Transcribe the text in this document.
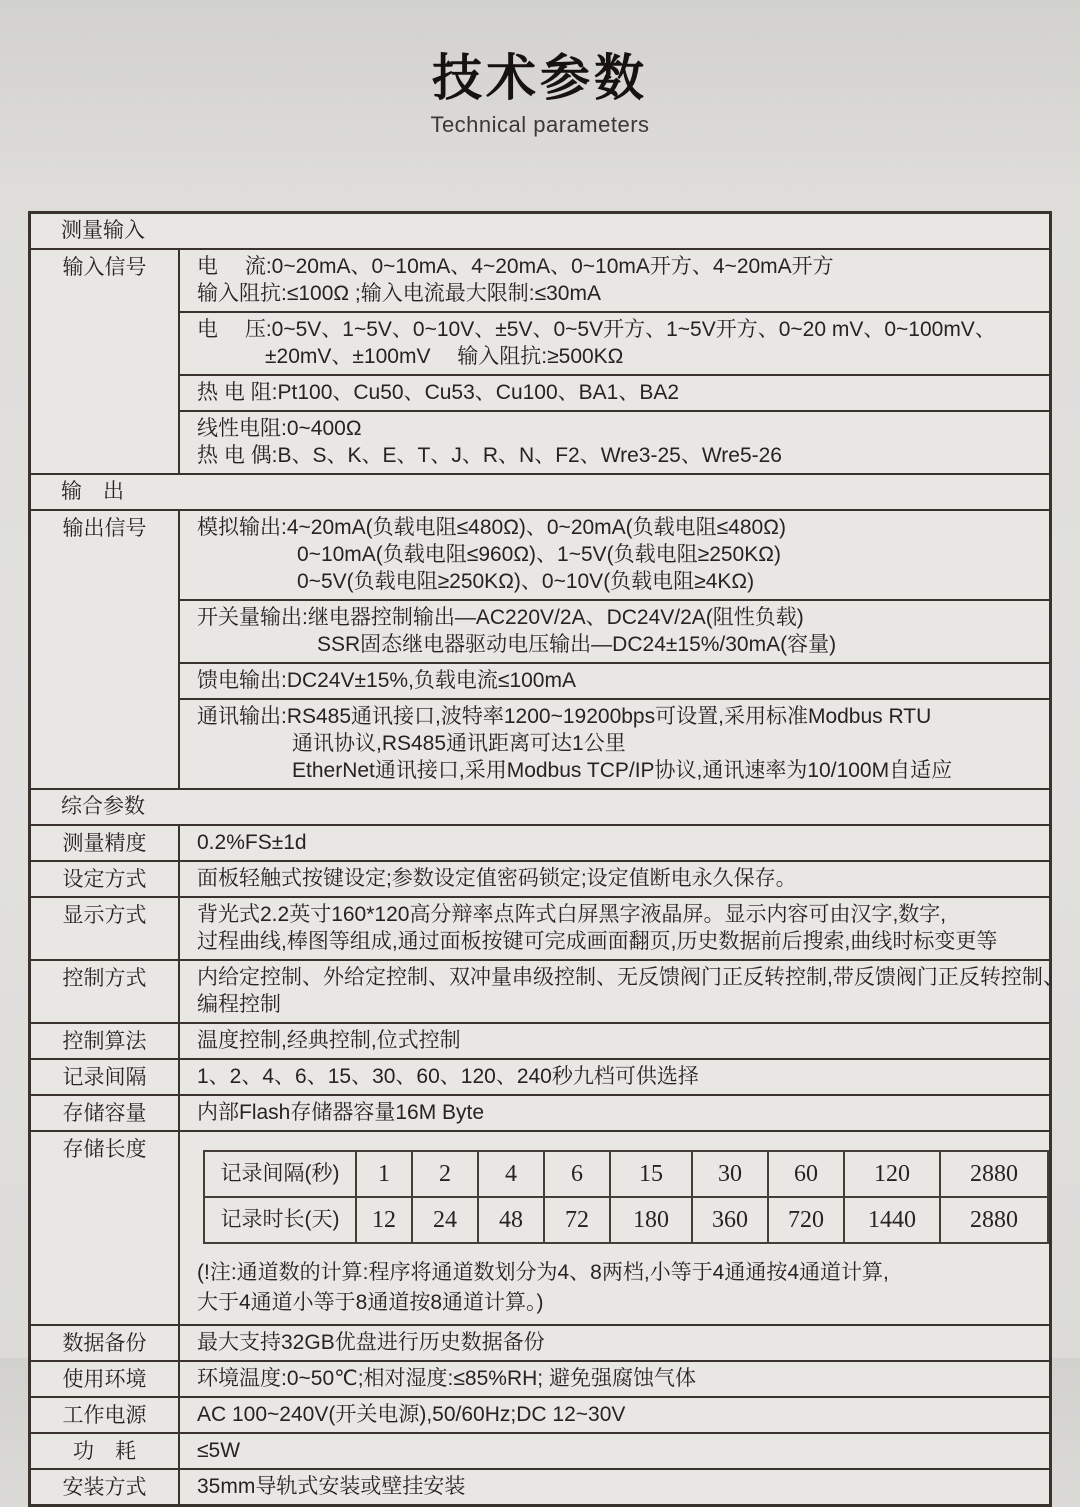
技术参数
Technical parameters
测量输入
输入信号	电　 流:0~20mA、0~10mA、4~20mA、0~10mA开方、4~20mA开方
输入阻抗:≤100Ω ;输入电流最大限制:≤30mA
电　 压:0~5V、1~5V、0~10V、±5V、0~5V开方、1~5V开方、0~20 mV、0~100mV、
±20mV、±100mV　 输入阻抗:≥500KΩ
热 电 阻:Pt100、Cu50、Cu53、Cu100、BA1、BA2
线性电阻:0~400Ω
热 电 偶:B、S、K、E、T、J、R、N、F2、Wre3-25、Wre5-26
输　出
输出信号	模拟输出:4~20mA(负载电阻≤480Ω)、0~20mA(负载电阻≤480Ω)
0~10mA(负载电阻≤960Ω)、1~5V(负载电阻≥250KΩ)
0~5V(负载电阻≥250KΩ)、0~10V(负载电阻≥4KΩ)
开关量输出:继电器控制输出—AC220V/2A、DC24V/2A(阻性负载)
SSR固态继电器驱动电压输出—DC24±15%/30mA(容量)
馈电输出:DC24V±15%,负载电流≤100mA
通讯输出:RS485通讯接口,波特率1200~19200bps可设置,采用标准Modbus RTU
通讯协议,RS485通讯距离可达1公里
EtherNet通讯接口,采用Modbus TCP/IP协议,通讯速率为10/100M自适应
综合参数
测量精度	0.2%FS±1d
设定方式	面板轻触式按键设定;参数设定值密码锁定;设定值断电永久保存。
显示方式	背光式2.2英寸160*120高分辩率点阵式白屏黑字液晶屏。显示内容可由汉字,数字,
过程曲线,棒图等组成,通过面板按键可完成画面翻页,历史数据前后搜索,曲线时标变更等
控制方式	内给定控制、外给定控制、双冲量串级控制、无反馈阀门正反转控制,带反馈阀门正反转控制、
编程控制
控制算法	温度控制,经典控制,位式控制
记录间隔	1、2、4、6、15、30、60、120、240秒九档可供选择
存储容量	内部Flash存储器容量16M Byte
存储长度
记录间隔(秒)	1	2	4	6	15	30	60	120	2880
记录时长(天)	12	24	48	72	180	360	720	1440	2880
(!注:通道数的计算:程序将通道数划分为4、8两档,小等于4通通按4通道计算,
大于4通道小等于8通道按8通道计算。)
数据备份	最大支持32GB优盘进行历史数据备份
使用环境	环境温度:0~50℃;相对湿度:≤85%RH; 避免强腐蚀气体
工作电源	AC 100~240V(开关电源),50/60Hz;DC 12~30V
功　耗	≤5W
安装方式	35mm导轨式安装或壁挂安装
